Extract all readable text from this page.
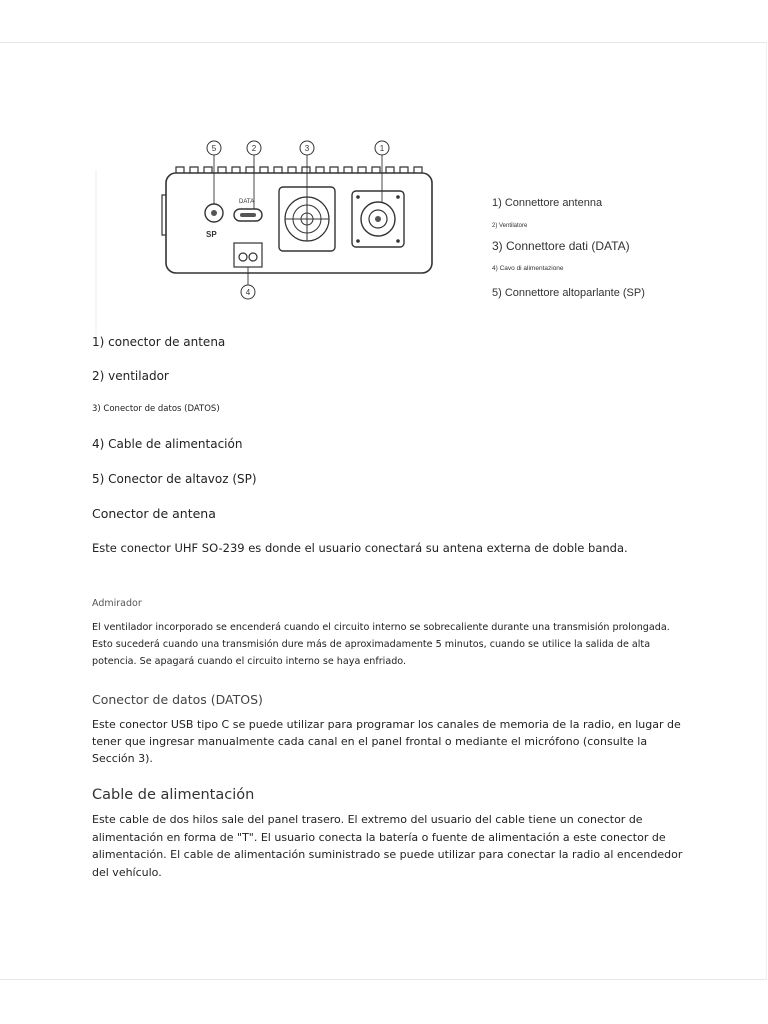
SP
DATA
5	2	3	1
4
1) Connettore antenna
2) Ventilatore
3) Connettore dati (DATA)
4) Cavo di alimentazione
5) Connettore altoparlante (SP)
1) conector de antena
2) ventilador
3) Conector de datos (DATOS)
4) Cable de alimentación
5) Conector de altavoz (SP)
Conector de antena
Este conector UHF SO-239 es donde el usuario conectará su antena externa de doble banda.
Admirador
El ventilador incorporado se encenderá cuando el circuito interno se sobrecaliente durante una transmisión prolongada. Esto sucederá cuando una transmisión dure más de aproximadamente 5 minutos, cuando se utilice la salida de alta potencia. Se apagará cuando el circuito interno se haya enfriado.
Conector de datos (DATOS)
Este conector USB tipo C se puede utilizar para programar los canales de memoria de la radio, en lugar de tener que ingresar manualmente cada canal en el panel frontal o mediante el micrófono (consulte la Sección 3).
Cable de alimentación
Este cable de dos hilos sale del panel trasero. El extremo del usuario del cable tiene un conector de alimentación en forma de "T". El usuario conecta la batería o fuente de alimentación a este conector de alimentación. El cable de alimentación suministrado se puede utilizar para conectar la radio al encendedor del vehículo.
